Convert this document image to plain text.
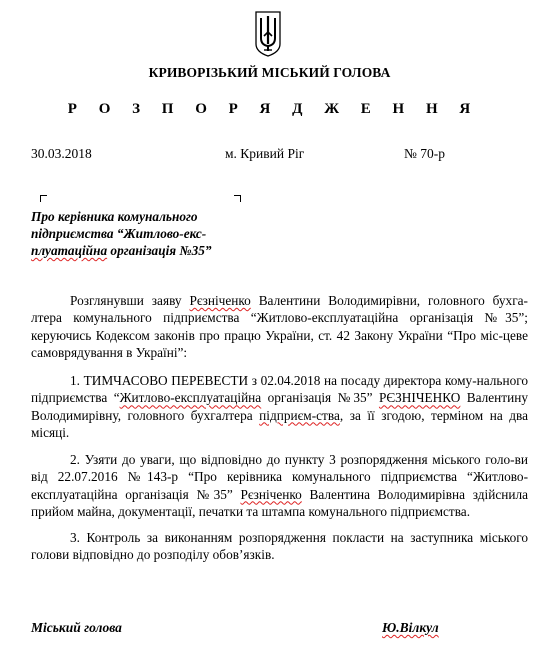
КРИВОРІЗЬКИЙ МІСЬКИЙ ГОЛОВА
Р О З П О Р Я Д Ж Е Н Н Я
30.03.2018	м. Кривий Ріг	№ 70-р
Про керівника комунального
підприємства “Житлово-екс-
плуатаційна організація №35”

Розглянувши заяву Рєзніченко Валентини Володимирівни, головного бухга-лтера комунального підприємства “Житлово-експлуатаційна організація №35”; керуючись Кодексом законів про працю України, ст. 42 Закону України “Про міс-цеве самоврядування в Україні”:

1. ТИМЧАСОВО ПЕРЕВЕСТИ з 02.04.2018 на посаду директора кому-нального підприємства “Житлово-експлуатаційна організація №35” РЄЗНІЧЕНКО Валентину Володимирівну, головного бухгалтера підприєм-ства, за її згодою, терміном на два місяці.

2. Узяти до уваги, що відповідно до пункту 3 розпорядження міського голо-ви від 22.07.2016 №143-р “Про керівника комунального підприємства “Житлово-експлуатаційна організація №35” Рєзніченко Валентина Володимирівна здійснила прийом майна, документації, печатки та штампа комунального підприємства.

3. Контроль за виконанням розпорядження покласти на заступника міського голови відповідно до розподілу обов’язків.

Міський голова	Ю.Вілкул
